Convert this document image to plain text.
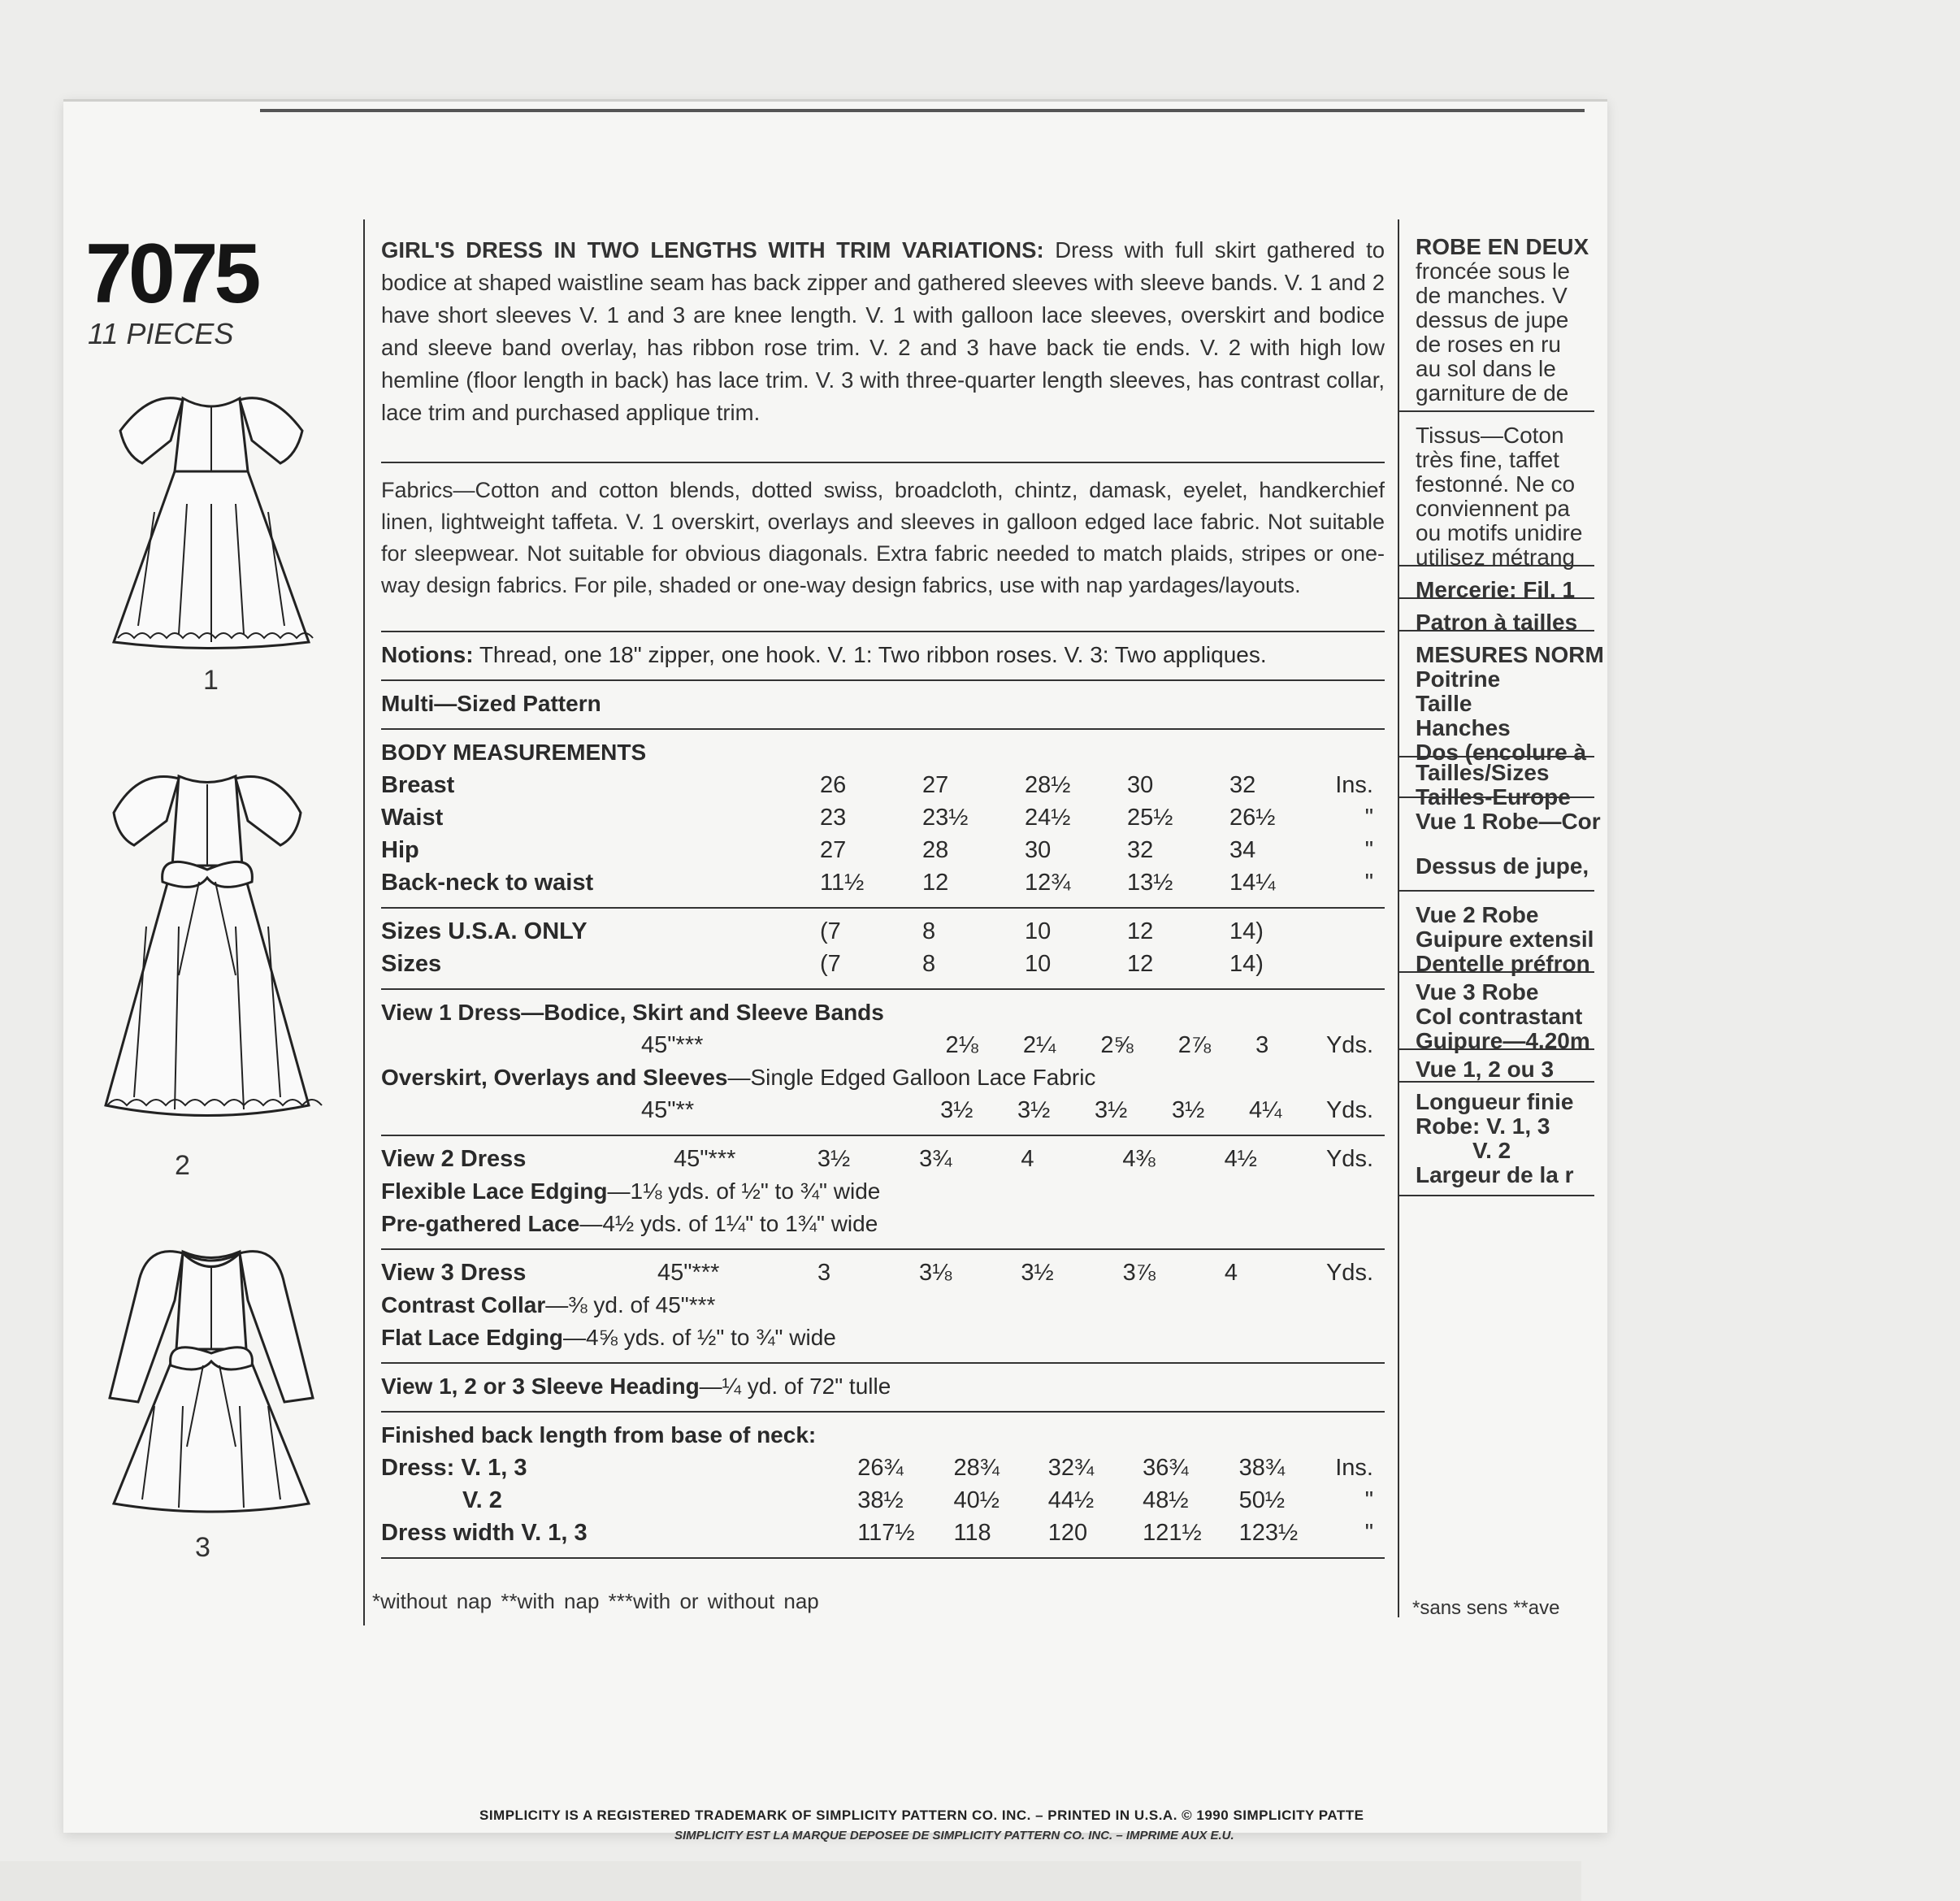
7075
11 PIECES
1
2
3

GIRL'S DRESS IN TWO LENGTHS WITH TRIM VARIATIONS: Dress with full skirt gathered to bodice at shaped waistline seam has back zipper and gathered sleeves with sleeve bands. V. 1 and 2 have short sleeves V. 1 and 3 are knee length. V. 1 with galloon lace sleeves, overskirt and bodice and sleeve band overlay, has ribbon rose trim. V. 2 and 3 have back tie ends. V. 2 with high low hemline (floor length in back) has lace trim. V. 3 with three-quarter length sleeves, has contrast collar, lace trim and purchased applique trim.

Fabrics—Cotton and cotton blends, dotted swiss, broadcloth, chintz, damask, eyelet, handkerchief linen, lightweight taffeta. V. 1 overskirt, overlays and sleeves in galloon edged lace fabric. Not suitable for sleepwear. Not suitable for obvious diagonals. Extra fabric needed to match plaids, stripes or one-way design fabrics. For pile, shaded or one-way design fabrics, use with nap yardages/layouts.

Notions: Thread, one 18" zipper, one hook. V. 1: Two ribbon roses. V. 3: Two appliques.
Multi—Sized Pattern
BODY MEASUREMENTS
Breast	26	27	28½	30	32	Ins.
Waist	23	23½	24½	25½	26½	"
Hip	27	28	30	32	34	"
Back-neck to waist	11½	12	12¾	13½	14¼	"
Sizes U.S.A. ONLY	(7	8	10	12	14)	
Sizes	(7	8	10	12	14)	
View 1 Dress—Bodice, Skirt and Sleeve Bands
45"***	2⅛	2¼	2⅝	2⅞	3	Yds.
Overskirt, Overlays and Sleeves—Single Edged Galloon Lace Fabric
45"**	3½	3½	3½	3½	4¼	Yds.
View 2 Dress	45"***	3½	3¾	4	4⅜	4½	Yds.
Flexible Lace Edging—1⅛ yds. of ½" to ¾" wide
Pre-gathered Lace—4½ yds. of 1¼" to 1¾" wide
View 3 Dress	45"***	3	3⅛	3½	3⅞	4	Yds.
Contrast Collar—⅜ yd. of 45"***
Flat Lace Edging—4⅝ yds. of ½" to ¾" wide
View 1, 2 or 3 Sleeve Heading—¼ yd. of 72" tulle
Finished back length from base of neck:
Dress: V. 1, 3	26¾	28¾	32¾	36¾	38¾	Ins.
V. 2	38½	40½	44½	48½	50½	"
Dress width V. 1, 3	117½	118	120	121½	123½	"
*without nap **with nap ***with or without nap
ROBE EN DEUX
froncée sous le
de manches. V
dessus de jupe
de roses en ru
au sol dans le
garniture de de
Tissus—Coton
très fine, taffet
festonné. Ne co
conviennent pa
ou motifs unidire
utilisez métrang
Mercerie: Fil. 1
Patron à tailles
MESURES NORM
Poitrine
Taille
Hanches
Dos (encolure à
Tailles/Sizes
Tailles-Europe
Vue 1 Robe—Cor
Dessus de jupe,
Vue 2 Robe
Guipure extensil
Dentelle préfron
Vue 3 Robe
Col contrastant
Guipure—4.20m
Vue 1, 2 ou 3
Longueur finie
Robe: V. 1, 3
V. 2
Largeur de la r
*sans sens **ave
SIMPLICITY IS A REGISTERED TRADEMARK OF SIMPLICITY PATTERN CO. INC. – PRINTED IN U.S.A. © 1990 SIMPLICITY PATTE
SIMPLICITY EST LA MARQUE DEPOSEE DE SIMPLICITY PATTERN CO. INC. – IMPRIME AUX E.U.
